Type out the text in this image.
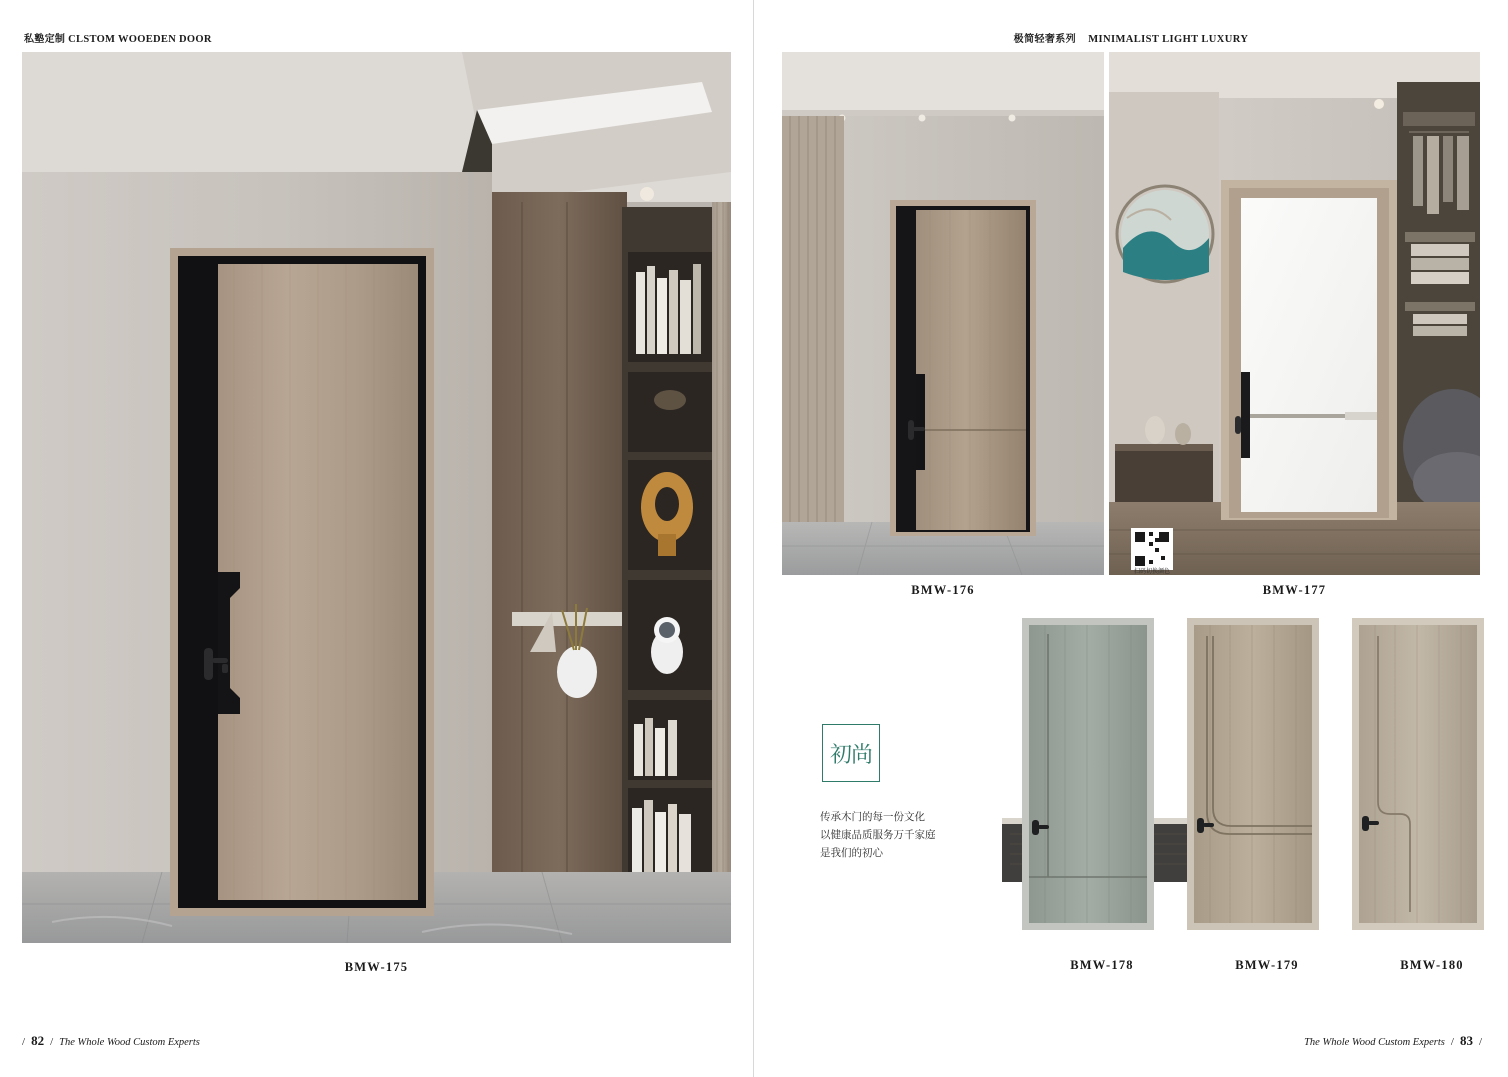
私塾定制 CLSTOM WOOEDEN DOOR
BMW-175
/ 82 / The Whole Wood Custom Experts
极简轻奢系列 MINIMALIST LIGHT LUXURY
扫码切换颜色
BMW-176	BMW-177
初尚
传承木门的每一份文化
以健康品质服务万千家庭
是我们的初心
BMW-178	BMW-179	BMW-180
The Whole Wood Custom Experts / 83 /
